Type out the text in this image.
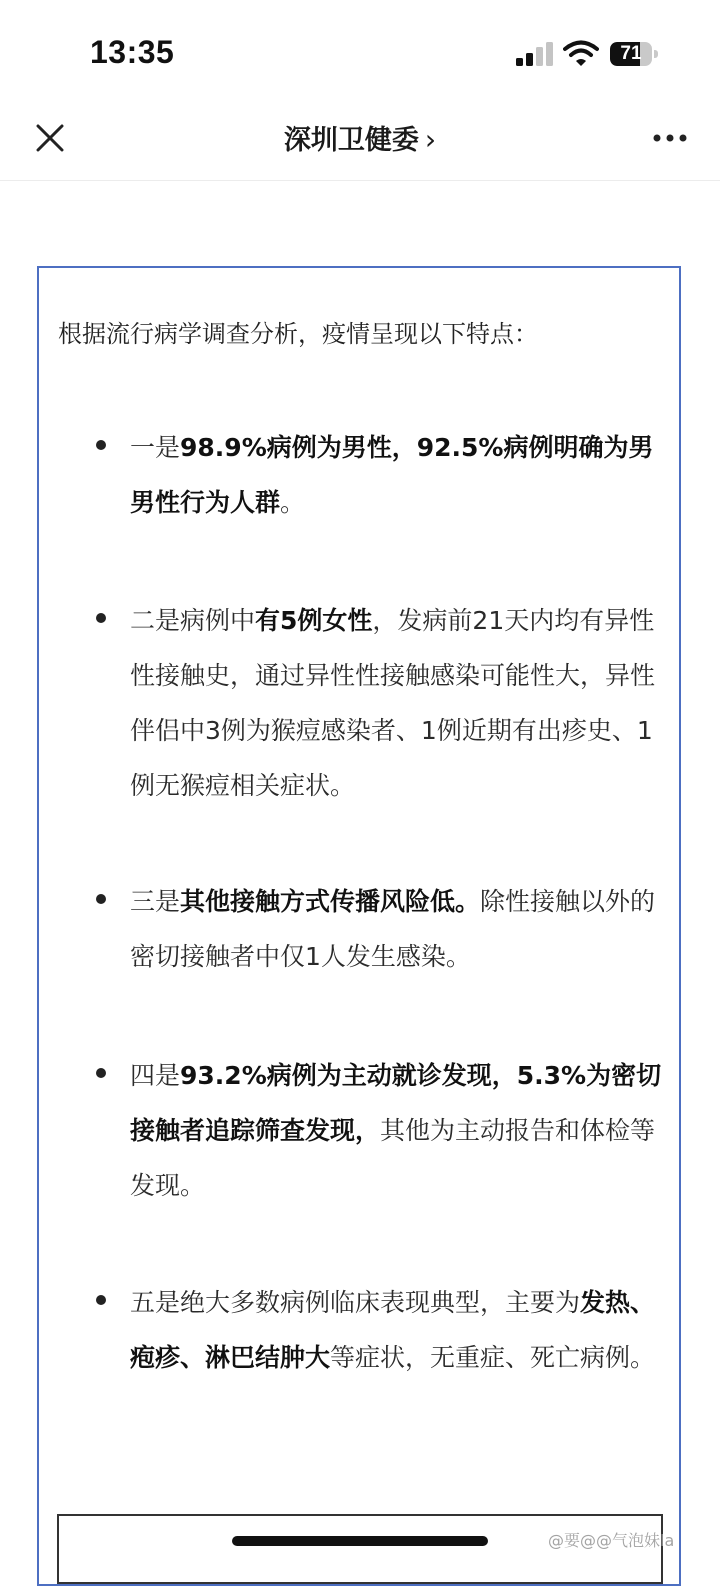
13:35	71
深圳卫健委 ›
根据流行病学调查分析，疫情呈现以下特点：
一是98.9%病例为男性，92.5%病例明确为男男性行为人群。
二是病例中有5例女性，发病前21天内均有异性性接触史，通过异性性接触感染可能性大，异性伴侣中3例为猴痘感染者、1例近期有出疹史、1例无猴痘相关症状。
三是其他接触方式传播风险低。除性接触以外的密切接触者中仅1人发生感染。
四是93.2%病例为主动就诊发现，5.3%为密切接触者追踪筛查发现，其他为主动报告和体检等发现。
五是绝大多数病例临床表现典型，主要为发热、疱疹、淋巴结肿大等症状，无重症、死亡病例。
@要@@气泡妹la
